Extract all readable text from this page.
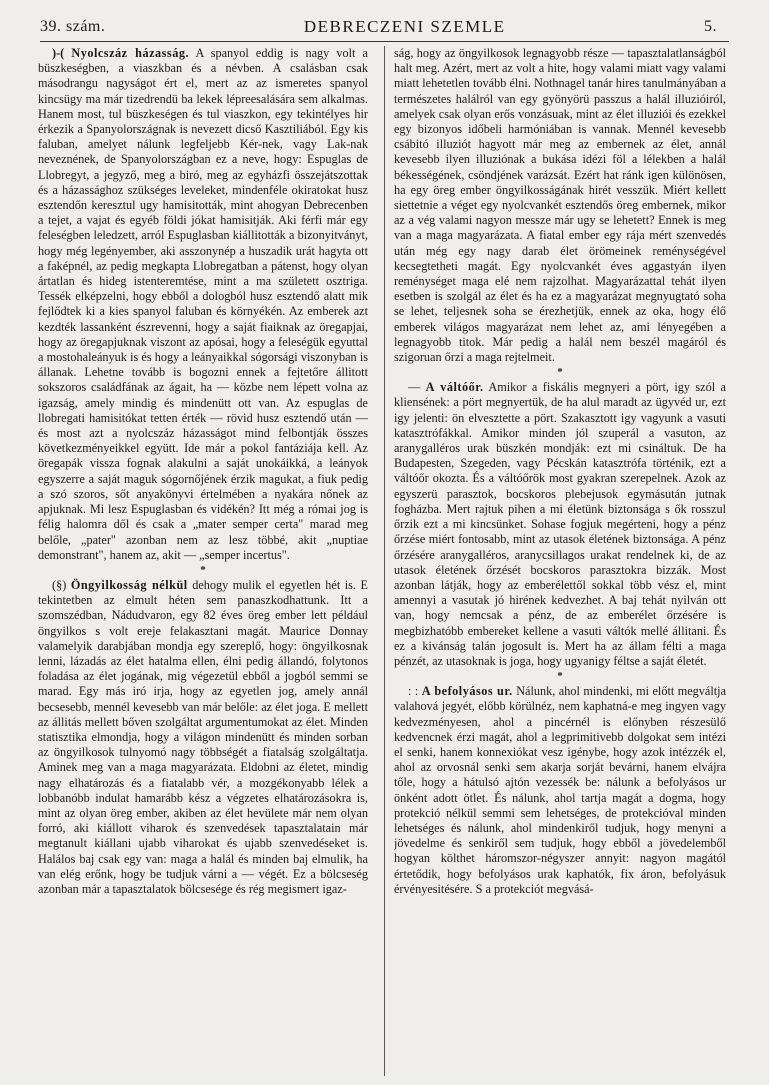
39. szám.	DEBRECZENI SZEMLE	5.

)-( Nyolcszáz házasság. A spanyol eddig is nagy volt a büszkeségben, a viaszkban és a névben. A csalásban csak másodrangu nagyságot ért el, mert az az ismeretes spanyol kincsügy ma már tizedrendü ba lekek lépreesalására sem alkalmas. Hanem most, tul büszkeségen és tul viaszkon, egy tekintélyes hir érkezik a Spanyolországnak is nevezett dicső Kasztiliából. Egy kis faluban, amelyet nálunk legfeljebb Kér-nek, vagy Lak-nak neveznének, de Spanyolországban ez a neve, hogy: Espuglas de Llobregyt, a jegyző, meg a biró, meg az egyházfi összejátszottak és a házassághoz szükséges leveleket, mindenféle okiratokat husz esztendőn keresztul ugy hamisitották, mint ahogyan Debrecenben a tejet, a vajat és egyéb földi jókat hamisitják. Aki férfi már egy feleségben leledzett, arról Espuglasban kiállitották a bizonyitványt, hogy még legényember, aki asszonynép a huszadik urát hagyta ott a faképnél, az pedig megkapta Llobregatban a pátenst, hogy olyan ártatlan és hideg istenteremtése, mint a ma született osztriga. Tessék elképzelni, hogy ebből a dologból husz esztendő alatt mik fejlődtek ki a kies spanyol faluban és környékén. Az emberek azt kezdték lassanként észrevenni, hogy a saját fiaiknak az öregapjai, hogy az öregapjuknak viszont az apósai, hogy a feleségük egyuttal a mostohaleányuk is és hogy a leányaikkal sógorsági viszonyban is állanak. Lehetne tovább is bogozni ennek a fejtetőre állitott sokszoros családfának az ágait, ha — közbe nem lépett volna az igazság, amely mindig és mindenütt ott van. Az espuglas de llobregati hamisitókat tetten érték — rövid husz esztendő után — és most azt a nyolcszáz házasságot mind felbontják összes következményeikkel együtt. Ide már a pokol fantáziája kell. Az öregapák vissza fognak alakulni a saját unokáikká, a leányok egyszerre a saját maguk sógornőjének érzik magukat, a fiuk pedig a szó szoros, sőt anyakönyvi értelmében a nyakára nőnek az apjuknak. Mi lesz Espuglasban és vidékén? Itt még a római jog is félig halomra dől és csak a „mater semper certa" marad meg belőle, „pater" azonban nem az lesz többé, akit „nuptiae demonstrant", hanem az, akit — „semper incertus".

*

(§) Öngyilkosság nélkül dehogy mulik el egyetlen hét is. E tekintetben az elmult héten sem panaszkodhattunk. Itt a szomszédban, Nádudvaron, egy 82 éves öreg ember lett például öngyilkos s volt ereje felakasztani magát. Maurice Donnay valamelyik darabjában mondja egy szereplő, hogy: öngyilkosnak lenni, lázadás az élet hatalma ellen, élni pedig állandó, folytonos foladása az élet jogának, mig végezetül ebből a jogból semmi se marad. Egy más iró irja, hogy az egyetlen jog, amely annál becsesebb, mennél kevesebb van már belőle: az élet joga. E mellett az állitás mellett bőven szolgáltat argumentumokat az élet. Minden statisztika elmondja, hogy a világon mindenütt és minden sorban az öngyilkosok tulnyomó nagy többségét a fiatalság szolgáltatja. Aminek meg van a maga magyarázata. Eldobni az életet, mindig nagy elhatározás és a fiatalabb vér, a mozgékonyabb lélek a lobbanóbb indulat hamarább kész a végzetes elhatározásokra is, mint az olyan öreg ember, akiben az élet hevülete már nem olyan forró, aki kiállott viharok és szenvedések tapasztalatain már megtanult kiállani ujabb viharokat és ujabb szenvedéseket is. Halálos baj csak egy van: maga a halál és minden baj elmulik, ha van elég erőnk, hogy be tudjuk várni a — végét. Ez a bölcseség azonban már a tapasztalatok bölcsesége és rég megismert igaz-

ság, hogy az öngyilkosok legnagyobb része — tapasztalatlanságból halt meg. Azért, mert az volt a hite, hogy valami miatt vagy valami miatt lehetetlen tovább élni. Nothnagel tanár hires tanulmányában a természetes halálról van egy gyönyörü passzus a halál illuzióiról, amelyek csak olyan erős vonzásuak, mint az élet illuziói és ezekkel egy bizonyos időbeli harmóniában is vannak. Mennél kevesebb csábitó illuziót hagyott már meg az embernek az élet, annál kevesebb ilyen illuziónak a bukása idézi föl a lélekben a halál békességének, csöndjének varázsát. Ezért hat ránk igen különösen, ha egy öreg ember öngyilkosságának hirét vesszük. Miért kellett siettetnie a véget egy nyolcvankét esztendős öreg embernek, mikor az a vég valami nagyon messze már ugy se lehetett? Ennek is meg van a maga magyarázata. A fiatal ember egy rája mért szenvedés után még egy nagy darab élet örömeinek reménységével kecsegtetheti magát. Egy nyolcvankét éves aggastyán ilyen reménységet maga elé nem rajzolhat. Magyarázattal tehát ilyen esetben is szolgál az élet és ha ez a magyarázat megnyugtató soha se lehet, teljesnek soha se érezhetjük, ennek az oka, hogy élő emberek világos magyarázat nem lehet az, ami lényegében a legnagyobb titok. Már pedig a halál nem beszél magáról és szigoruan őrzi a maga rejtelmeit.

*

— A váltóőr. Amikor a fiskális megnyeri a pört, igy szól a kliensének: a pört megnyertük, de ha alul maradt az ügyvéd ur, ezt igy jelenti: ön elvesztette a pört. Szakasztott igy vagyunk a vasuti katasztrófákkal. Amikor minden jól szuperál a vasuton, az aranygalléros urak büszkén mondják: ezt mi csináltuk. De ha Budapesten, Szegeden, vagy Pécskán katasztrófa történik, ezt a váltóőr okozta. És a váltóőrök most gyakran szerepelnek. Azok az egyszerü parasztok, bocskoros plebejusok egymásután jutnak fogházba. Mert rajtuk pihen a mi életünk biztonsága s ők rosszul őrzik ezt a mi kincsünket. Sohase fogjuk megérteni, hogy a pénz őrzése miért fontosabb, mint az utasok életének biztonsága. A pénz őrzésére aranygalléros, aranycsillagos urakat rendelnek ki, de az utasok életének őrzését bocskoros parasztokra bizzák. Most azonban látják, hogy az emberélettől sokkal több vész el, mint amennyi a vasutak jó hirének kedvezhet. A baj tehát nyilván ott van, hogy nemcsak a pénz, de az emberélet őrzésére is megbizhatóbb embereket kellene a vasuti váltók mellé állitani. És ez a kivánság talán jogosult is. Mert ha az állam félti a maga pénzét, az utasoknak is joga, hogy ugyanigy féltse a saját életét.

*

: : A befolyásos ur. Nálunk, ahol mindenki, mi előtt megváltja valahová jegyét, előbb körülnéz, nem kaphatná-e meg ingyen vagy kedvezményesen, ahol a pincérnél is előnyben részesülő kedvencnek érzi magát, ahol a legprimitivebb dolgokat sem intézi el senki, hanem konnexiókat vesz igénybe, hogy azok intézzék el, ahol az orvosnál senki sem akarja sorját bevárni, hanem elvájra tőle, hogy a hátulsó ajtón vezessék be: nálunk a befolyásos ur önként adott ötlet. És nálunk, ahol tartja magát a dogma, hogy protekció nélkül semmi sem lehetséges, de protekcióval minden lehetséges és nálunk, ahol mindenkiről tudjuk, hogy menyni a jövedelme és senkiről sem tudjuk, hogy ebből a jövedelemből hogyan költhet háromszor-négyszer annyit: nagyon magától értetődik, hogy befolyásos urak kaphatók, fix áron, befolyásuk érvényesitésére. S a protekciót megvásá-
